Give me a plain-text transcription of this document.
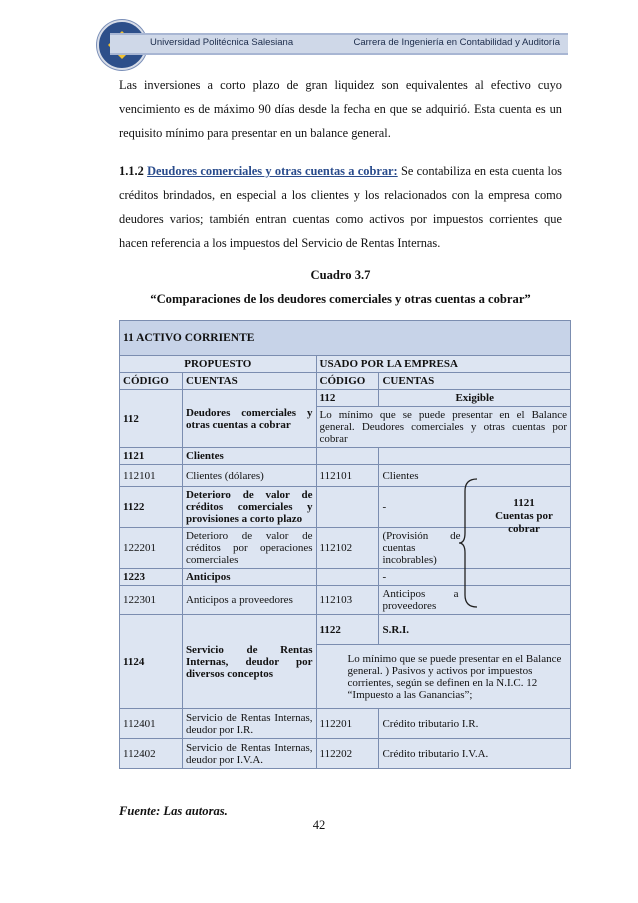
Universidad Politécnica Salesiana	Carrera de Ingeniería en Contabilidad y Auditoría
Las inversiones a corto plazo de gran liquidez son equivalentes al efectivo cuyo vencimiento es de máximo 90 días desde la fecha en que se adquirió. Esta cuenta es un requisito mínimo para presentar en un balance general.
1.1.2 Deudores comerciales y otras cuentas a cobrar: Se contabiliza en esta cuenta los créditos brindados, en especial a los clientes y los relacionados con la empresa como deudores varios; también entran cuentas como activos por impuestos corrientes que hacen referencia a los impuestos del Servicio de Rentas Internas.
Cuadro 3.7
“Comparaciones de los deudores comerciales y otras cuentas a cobrar”
11 ACTIVO CORRIENTE			
PROPUESTO		USADO POR LA EMPRESA	
CÓDIGO	CUENTAS	CÓDIGO	CUENTAS
112	Deudores comerciales y otras cuentas a cobrar	112	Exigible
		Lo mínimo que se puede presentar en el Balance general. Deudores comerciales y otras cuentas por cobrar	
1121	Clientes		
112101	Clientes (dólares)	112101	Clientes
1122	Deterioro de valor de créditos comerciales y provisiones a corto plazo		-
122201	Deterioro de valor de créditos por operaciones comerciales	112102	(Provisión de cuentas incobrables)
1223	Anticipos		-
122301	Anticipos a proveedores	112103	Anticipos a proveedores
1124	Servicio de Rentas Internas, deudor por diversos conceptos	1122	S.R.I.

		Lo mínimo que se puede presentar en el Balance general. ) Pasivos y activos por impuestos corrientes, según se definen en la N.I.C. 12 “Impuesto a las Ganancias”;	

112401	Servicio de Rentas Internas, deudor por I.R.	112201	Crédito tributario I.R.
112402	Servicio de Rentas Internas, deudor por I.V.A.	112202	Crédito tributario I.V.A.
1121
Cuentas por cobrar
Fuente: Las autoras.
42
